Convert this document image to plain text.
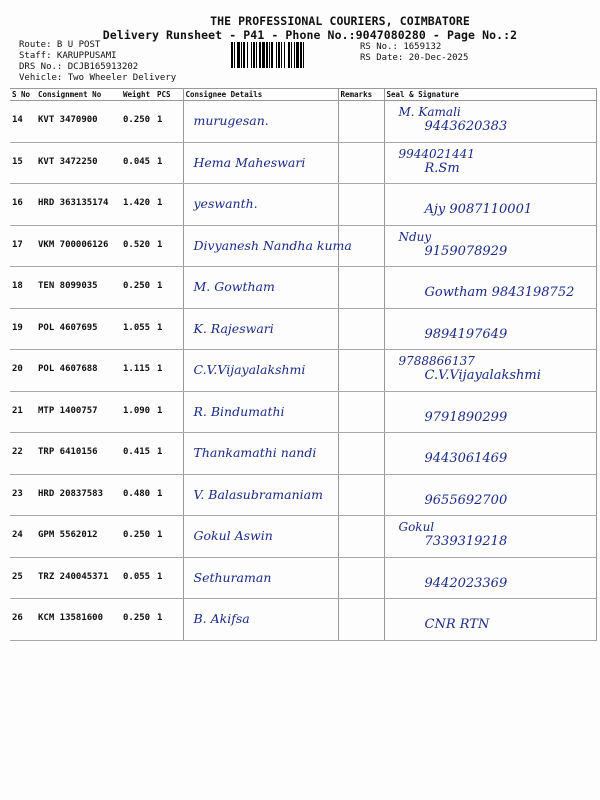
THE PROFESSIONAL COURIERS, COIMBATORE
Delivery Runsheet - P41 - Phone No.:9047080280 - Page No.:2
Route: B U POST
Staff: KARUPPUSAMI
DRS No.: DCJB165913202
Vehicle: Two Wheeler Delivery
RS No.: 1659132
RS Date: 20-Dec-2025
S No	Consignment No	Weight	PCS	Consignee Details	Remarks	Seal & Signature
14	KVT 3470900	0.250	1	murugesan.		M. Kamali
9443620383

15	KVT 3472250	0.045	1	Hema Maheswari		9944021441
R.Sm

16	HRD 363135174	1.420	1	yeswanth.		Ajy 9087110001

17	VKM 700006126	0.520	1	Divyanesh Nandha kuma		Nduy
9159078929

18	TEN 8099035	0.250	1	M. Gowtham		Gowtham 9843198752

19	POL 4607695	1.055	1	K. Rajeswari		9894197649

20	POL 4607688	1.115	1	C.V.Vijayalakshmi		9788866137
C.V.Vijayalakshmi

21	MTP 1400757	1.090	1	R. Bindumathi		9791890299

22	TRP 6410156	0.415	1	Thankamathi nandi		9443061469

23	HRD 20837583	0.480	1	V. Balasubramaniam		9655692700

24	GPM 5562012	0.250	1	Gokul Aswin		Gokul
7339319218

25	TRZ 240045371	0.055	1	Sethuraman		9442023369

26	KCM 13581600	0.250	1	B. Akifsa		CNR RTN
